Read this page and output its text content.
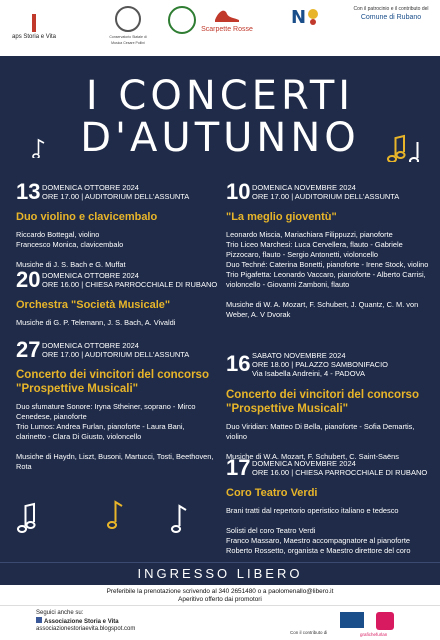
aps Storia e Vita	Conservatorio Statale di Musica Cesare Pollini
Scarpette Rosse
N	Con il patrocinio e il contributo del
Comune di Rubano
I CONCERTI
D'AUTUNNO
13 DOMENICA OTTOBRE 2024
ORE 17.00 | AUDITORIUM DELL'ASSUNTA
Duo violino e clavicembalo

Riccardo Bottegal, violino

Francesco Monica, clavicembalo

Musiche di J. S. Bach e G. Muffat

20 DOMENICA OTTOBRE 2024
ORE 16.00 | CHIESA PARROCCHIALE DI RUBANO
Orchestra "Società Musicale"

Musiche di G. P. Telemann, J. S. Bach, A. Vivaldi

27 DOMENICA OTTOBRE 2024
ORE 17.00 | AUDITORIUM DELL'ASSUNTA
Concerto dei vincitori del concorso "Prospettive Musicali"

Duo sfumature Sonore: Iryna Stheiner, soprano - Mirco Cenedese, pianoforte

Trio Lumos: Andrea Furlan, pianoforte - Laura Bani, clarinetto - Clara Di Giusto, violoncello

Musiche di Haydn, Liszt, Busoni, Martucci, Tosti, Beethoven, Rota

10 DOMENICA NOVEMBRE 2024
ORE 17.00 | AUDITORIUM DELL'ASSUNTA
"La meglio gioventù"

Leonardo Miscia, Mariachiara Filippuzzi, pianoforte

Trio Liceo Marchesi: Luca Cervellera, flauto - Gabriele Pizzocaro, flauto - Sergio Antonetti, violoncello

Duo Techné: Caterina Bonetti, pianoforte - Irene Stock, violino

Trio Pigafetta: Leonardo Vaccaro, pianoforte - Alberto Carrisi, violoncello - Giovanni Zamboni, flauto

Musiche di W. A. Mozart, F. Schubert, J. Quantz, C. M. von Weber, A. V Dvorak

16 SABATO NOVEMBRE 2024
ORE 18.00 | PALAZZO SAMBONIFACIO
Via Isabella Andreini, 4 - PADOVA
Concerto dei vincitori del concorso "Prospettive Musicali"

Duo Viridian: Matteo Di Bella, pianoforte - Sofia Demartis, violino

Musiche di W.A. Mozart, F. Schubert, C. Saint-Saëns

17 DOMENICA NOVEMBRE 2024
ORE 16.00 | CHIESA PARROCCHIALE DI RUBANO
Coro Teatro Verdi

Brani tratti dal repertorio operistico italiano e tedesco

Solisti del coro Teatro Verdi

Franco Massaro, Maestro accompagnatore al pianoforte

Roberto Rossetto, organista e Maestro direttore del coro

INGRESSO LIBERO
Preferibile la prenotazione scrivendo al 340 2651480 o a paolomenallo@libero.it
Aperitivo offerto dai promotori
Seguici anche su:
Associazione Storia e Vita
associazionestoriaevita.blogspot.com
Con il contributo di	grafichefurlan
